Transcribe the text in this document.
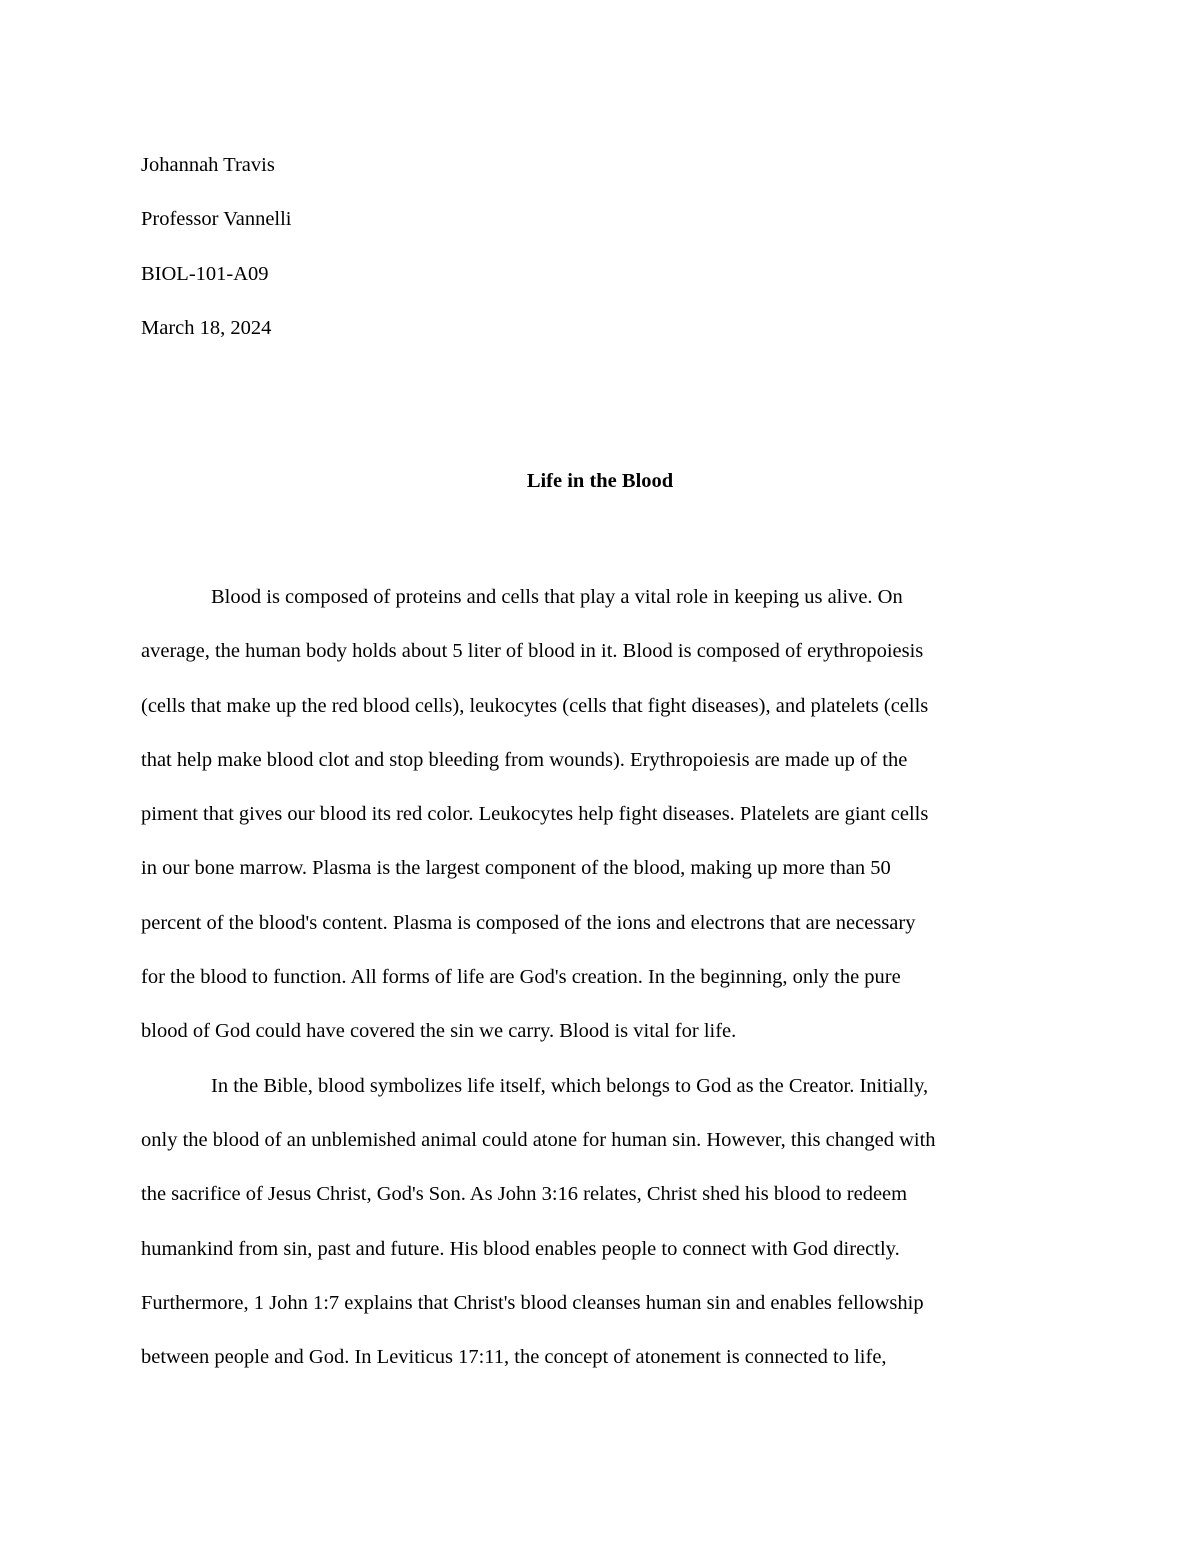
Johannah Travis
Professor Vannelli
BIOL-101-A09
March 18, 2024
Life in the Blood
Blood is composed of proteins and cells that play a vital role in keeping us alive. On
average, the human body holds about 5 liter of blood in it. Blood is composed of erythropoiesis
(cells that make up the red blood cells), leukocytes (cells that fight diseases), and platelets (cells
that help make blood clot and stop bleeding from wounds). Erythropoiesis are made up of the
piment that gives our blood its red color. Leukocytes help fight diseases. Platelets are giant cells
in our bone marrow. Plasma is the largest component of the blood, making up more than 50
percent of the blood's content. Plasma is composed of the ions and electrons that are necessary
for the blood to function. All forms of life are God's creation. In the beginning, only the pure
blood of God could have covered the sin we carry. Blood is vital for life.
In the Bible, blood symbolizes life itself, which belongs to God as the Creator. Initially,
only the blood of an unblemished animal could atone for human sin. However, this changed with
the sacrifice of Jesus Christ, God's Son. As John 3:16 relates, Christ shed his blood to redeem
humankind from sin, past and future. His blood enables people to connect with God directly.
Furthermore, 1 John 1:7 explains that Christ's blood cleanses human sin and enables fellowship
between people and God. In Leviticus 17:11, the concept of atonement is connected to life,
